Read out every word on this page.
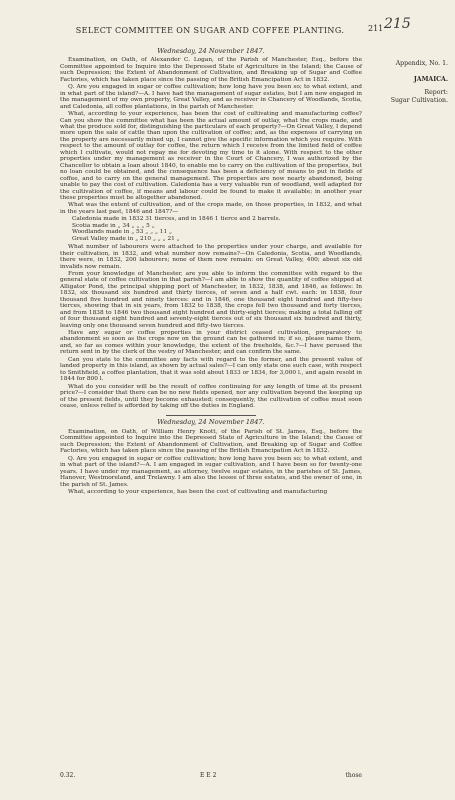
SELECT COMMITTEE ON SUGAR AND COFFEE PLANTING.	211 215
Appendix, No. 1.
JAMAICA.
Report:
Sugar Cultivation.
Wednesday, 24 November 1847.

Examination, on Oath, of Alexander C. Logan, of the Parish of Manchester, Esq., before the Committee appointed to Inquire into the Depressed State of Agriculture in the Island; the Cause of such Depression; the Extent of Abandonment of Cultivation, and Breaking up of Sugar and Coffee Factories, which has taken place since the passing of the British Emancipation Act in 1832.

Q. Are you engaged in sugar or coffee cultivation; how long have you been so; to what extent, and in what part of the island?—A. I have had the management of sugar estates, but I am now engaged in the management of my own property, Great Valley, and as receiver in Chancery of Woodlands, Scotia, and Caledonia, all coffee plantations, in the parish of Manchester.

What, according to your experience, has been the cost of cultivating and manufacturing coffee? Can you show the committee what has been the actual amount of outlay, what the crops made, and what the produce sold for, distinguishing the particulars of each property?—On Great Valley, I depend more upon the sale of cattle than upon the cultivation of coffee; and, as the expenses of carrying on the property are necessarily mixed up, I cannot give the specific information which you require. With respect to the amount of outlay for coffee, the return which I receive from the limited field of coffee which I cultivate, would not repay me for devoting my time to it alone. With respect to the other properties under my management as receiver in the Court of Chancery, I was authorized by the Chancellor to obtain a loan about 1840, to enable me to carry on the cultivation of the properties, but no loan could be obtained, and the consequence has been a deficiency of means to put in fields of coffee, and to carry on the general management. The properties are now nearly abandoned, being unable to pay the cost of cultivation. Caledonia has a very valuable run of woodland, well adapted for the cultivation of coffee, if means and labour could be found to make it available; in another year these properties must be altogether abandoned.

What was the extent of cultivation, and of the crops made, on those properties, in 1832, and what in the years last past, 1846 and 1847?—

Caledonia made in 1832 31 tierces, and in 1846 1 tierce and 2 barrels.
Scotia made in „ 34 „ „ „ 5 „
Woodlands made in „ 53 „ „ „ 11 „
Great Valley made in „ 210 „ „ „ 21 „

What number of labourers were attached to the properties under your charge, and available for their cultivation, in 1832, and what number now remains?—On Caledonia, Scotia, and Woodlands, there were, in 1832, 200 labourers; none of them now remain: on Great Valley, 400; about six old invalids now remain.

From your knowledge of Manchester, are you able to inform the committee with regard to the general state of coffee cultivation in that parish?—I am able to show the quantity of coffee shipped at Alligator Pond, the principal shipping port of Manchester, in 1832, 1838, and 1846, as follows: In 1832, six thousand six hundred and thirty tierces, of seven and a half cwt. each: in 1838, four thousand five hundred and ninety tierces: and in 1846, one thousand eight hundred and fifty-two tierces, showing that in six years, from 1832 to 1838, the crops fell two thousand and forty tierces, and from 1838 to 1846 two thousand eight hundred and thirty-eight tierces; making a total falling off of four thousand eight hundred and seventy-eight tierces out of six thousand six hundred and thirty, leaving only one thousand seven hundred and fifty-two tierces.

Have any sugar or coffee properties in your district ceased cultivation, preparatory to abandonment so soon as the crops now on the ground can be gathered in; if so, please name them, and, so far as comes within your knowledge, the extent of the freeholds, &c.?—I have perused the return sent in by the clerk of the vestry of Manchester, and can confirm the same.

Can you state to the committee any facts with regard to the former, and the present value of landed property in this island, as shown by actual sales?—I can only state one such case, with respect to Smithfield, a coffee plantation, that it was sold about 1833 or 1834, for 3,000 l., and again resold in 1844 for 800 l.

What do you consider will be the result of coffee continuing for any length of time at its present price?—I consider that there can be no new fields opened, nor any cultivation beyond the keeping up of the present fields, until they become exhausted; consequently, the cultivation of coffee must soon cease, unless relief is afforded by taking off the duties in England.

Wednesday, 24 November 1847.

Examination, on Oath, of William Henry Knott, of the Parish of St. James, Esq., before the Committee appointed to Inquire into the Depressed State of Agriculture in the Island; the Cause of such Depression; the Extent of Abandonment of Cultivation, and Breaking up of Sugar and Coffee Factories, which has taken place since the passing of the British Emancipation Act in 1832.

Q. Are you engaged in sugar or coffee cultivation; how long have you been so; to what extent, and in what part of the island?—A. I am engaged in sugar cultivation, and I have been so for twenty-one years. I have under my management, as attorney, twelve sugar estates, in the parishes of St. James, Hanover, Westmoreland, and Trelawny. I am also the lessee of three estates, and the owner of one, in the parish of St. James.

What, according to your experience, has been the cost of cultivating and manufacturing

0.32.	E E 2	those
